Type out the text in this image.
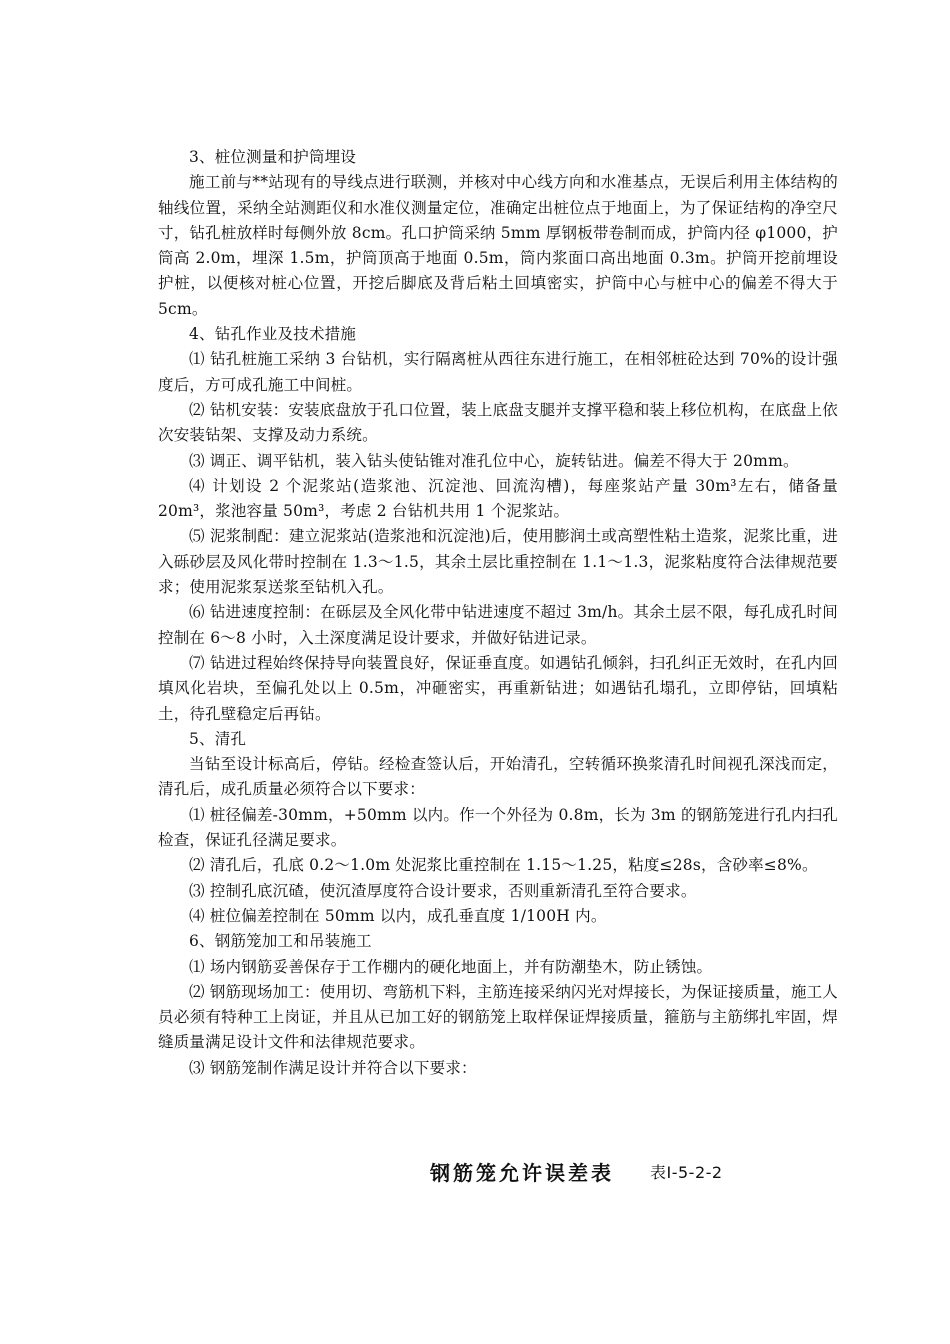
3、桩位测量和护筒埋设

施工前与**站现有的导线点进行联测，并核对中心线方向和水准基点，无误后利用主体结构的轴线位置，采纳全站测距仪和水准仪测量定位，准确定出桩位点于地面上，为了保证结构的净空尺寸，钻孔桩放样时每侧外放 8cm。孔口护筒采纳 5mm 厚钢板带卷制而成，护筒内径 φ1000，护筒高 2.0m，埋深 1.5m，护筒顶高于地面 0.5m，筒内浆面口高出地面 0.3m。护筒开挖前埋设护桩，以便核对桩心位置，开挖后脚底及背后粘土回填密实，护筒中心与桩中心的偏差不得大于 5cm。

4、钻孔作业及技术措施

⑴ 钻孔桩施工采纳 3 台钻机，实行隔离桩从西往东进行施工，在相邻桩砼达到 70%的设计强度后，方可成孔施工中间桩。

⑵ 钻机安装：安装底盘放于孔口位置，装上底盘支腿并支撑平稳和装上移位机构，在底盘上依次安装钻架、支撑及动力系统。

⑶ 调正、调平钻机，装入钻头使钻锥对准孔位中心，旋转钻进。偏差不得大于 20mm。

⑷ 计划设 2 个泥浆站(造浆池、沉淀池、回流沟槽)，每座浆站产量 30m³左右，储备量 20m³，浆池容量 50m³，考虑 2 台钻机共用 1 个泥浆站。

⑸ 泥浆制配：建立泥浆站(造浆池和沉淀池)后，使用膨润土或高塑性粘土造浆，泥浆比重，进入砾砂层及风化带时控制在 1.3～1.5，其余土层比重控制在 1.1～1.3，泥浆粘度符合法律规范要求；使用泥浆泵送浆至钻机入孔。

⑹ 钻进速度控制：在砾层及全风化带中钻进速度不超过 3m/h。其余土层不限，每孔成孔时间控制在 6～8 小时，入土深度满足设计要求，并做好钻进记录。

⑺ 钻进过程始终保持导向装置良好，保证垂直度。如遇钻孔倾斜，扫孔纠正无效时，在孔内回填风化岩块，至偏孔处以上 0.5m，冲砸密实，再重新钻进；如遇钻孔塌孔，立即停钻，回填粘土，待孔壁稳定后再钻。

5、清孔

当钻至设计标高后，停钻。经检查签认后，开始清孔，空转循环换浆清孔时间视孔深浅而定，清孔后，成孔质量必须符合以下要求：

⑴ 桩径偏差-30mm，+50mm 以内。作一个外径为 0.8m，长为 3m 的钢筋笼进行孔内扫孔检查，保证孔径满足要求。

⑵ 清孔后，孔底 0.2～1.0m 处泥浆比重控制在 1.15～1.25，粘度≤28s，含砂率≤8%。

⑶ 控制孔底沉碴，使沉渣厚度符合设计要求，否则重新清孔至符合要求。

⑷ 桩位偏差控制在 50mm 以内，成孔垂直度 1/100H 内。

6、钢筋笼加工和吊装施工

⑴ 场内钢筋妥善保存于工作棚内的硬化地面上，并有防潮垫木，防止锈蚀。

⑵ 钢筋现场加工：使用切、弯筋机下料，主筋连接采纳闪光对焊接长，为保证接质量，施工人员必须有特种工上岗证，并且从已加工好的钢筋笼上取样保证焊接质量，箍筋与主筋绑扎牢固，焊缝质量满足设计文件和法律规范要求。

⑶ 钢筋笼制作满足设计并符合以下要求：

钢筋笼允许误差表 表Ⅰ-5-2-2
